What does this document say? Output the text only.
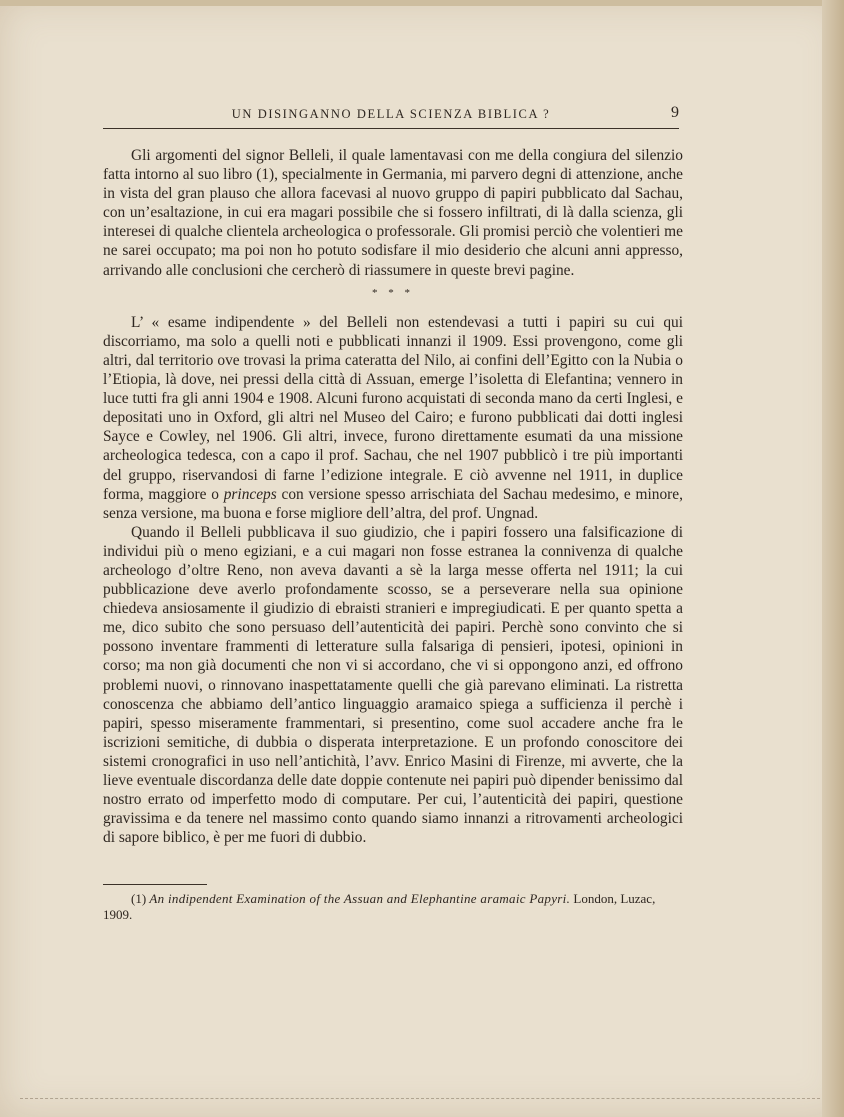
UN DISINGANNO DELLA SCIENZA BIBLICA ?	9

Gli argomenti del signor Belleli, il quale lamentavasi con me della congiura del silenzio fatta intorno al suo libro (1), specialmente in Germania, mi parvero degni di attenzione, anche in vista del gran plauso che allora facevasi al nuovo gruppo di papiri pubblicato dal Sachau, con un’esaltazione, in cui era magari possibile che si fossero infiltrati, di là dalla scienza, gli interesei di qualche clientela archeologica o professorale. Gli promisi perciò che volentieri me ne sarei occupato; ma poi non ho potuto sodisfare il mio desiderio che alcuni anni appresso, arrivando alle conclusioni che cercherò di riassumere in queste brevi pagine.

* * *

L’ « esame indipendente » del Belleli non estendevasi a tutti i papiri su cui qui discorriamo, ma solo a quelli noti e pubblicati innanzi il 1909. Essi provengono, come gli altri, dal territorio ove trovasi la prima cateratta del Nilo, ai confini dell’Egitto con la Nubia o l’Etiopia, là dove, nei pressi della città di Assuan, emerge l’isoletta di Elefantina; vennero in luce tutti fra gli anni 1904 e 1908. Alcuni furono acquistati di seconda mano da certi Inglesi, e depositati uno in Oxford, gli altri nel Museo del Cairo; e furono pubblicati dai dotti inglesi Sayce e Cowley, nel 1906. Gli altri, invece, furono direttamente esumati da una missione archeologica tedesca, con a capo il prof. Sachau, che nel 1907 pubblicò i tre più importanti del gruppo, riservandosi di farne l’edizione integrale. E ciò avvenne nel 1911, in duplice forma, maggiore o princeps con versione spesso arrischiata del Sachau medesimo, e minore, senza versione, ma buona e forse migliore dell’altra, del prof. Ungnad.

Quando il Belleli pubblicava il suo giudizio, che i papiri fossero una falsificazione di individui più o meno egiziani, e a cui magari non fosse estranea la connivenza di qualche archeologo d’oltre Reno, non aveva davanti a sè la larga messe offerta nel 1911; la cui pubblicazione deve averlo profondamente scosso, se a perseverare nella sua opinione chiedeva ansiosamente il giudizio di ebraisti stranieri e impregiudicati. E per quanto spetta a me, dico subito che sono persuaso dell’autenticità dei papiri. Perchè sono convinto che si possono inventare frammenti di letterature sulla falsariga di pensieri, ipotesi, opinioni in corso; ma non già documenti che non vi si accordano, che vi si oppongono anzi, ed offrono problemi nuovi, o rinnovano inaspettatamente quelli che già parevano eliminati. La ristretta conoscenza che abbiamo dell’antico linguaggio aramaico spiega a sufficienza il perchè i papiri, spesso miseramente frammentari, si presentino, come suol accadere anche fra le iscrizioni semitiche, di dubbia o disperata interpretazione. E un profondo conoscitore dei sistemi cronografici in uso nell’antichità, l’avv. Enrico Masini di Firenze, mi avverte, che la lieve eventuale discordanza delle date doppie contenute nei papiri può dipender benissimo dal nostro errato od imperfetto modo di computare. Per cui, l’autenticità dei papiri, questione gravissima e da tenere nel massimo conto quando siamo innanzi a ritrovamenti archeologici di sapore biblico, è per me fuori di dubbio.

(1) An indipendent Examination of the Assuan and Elephantine aramaic Papyri. London, Luzac, 1909.
